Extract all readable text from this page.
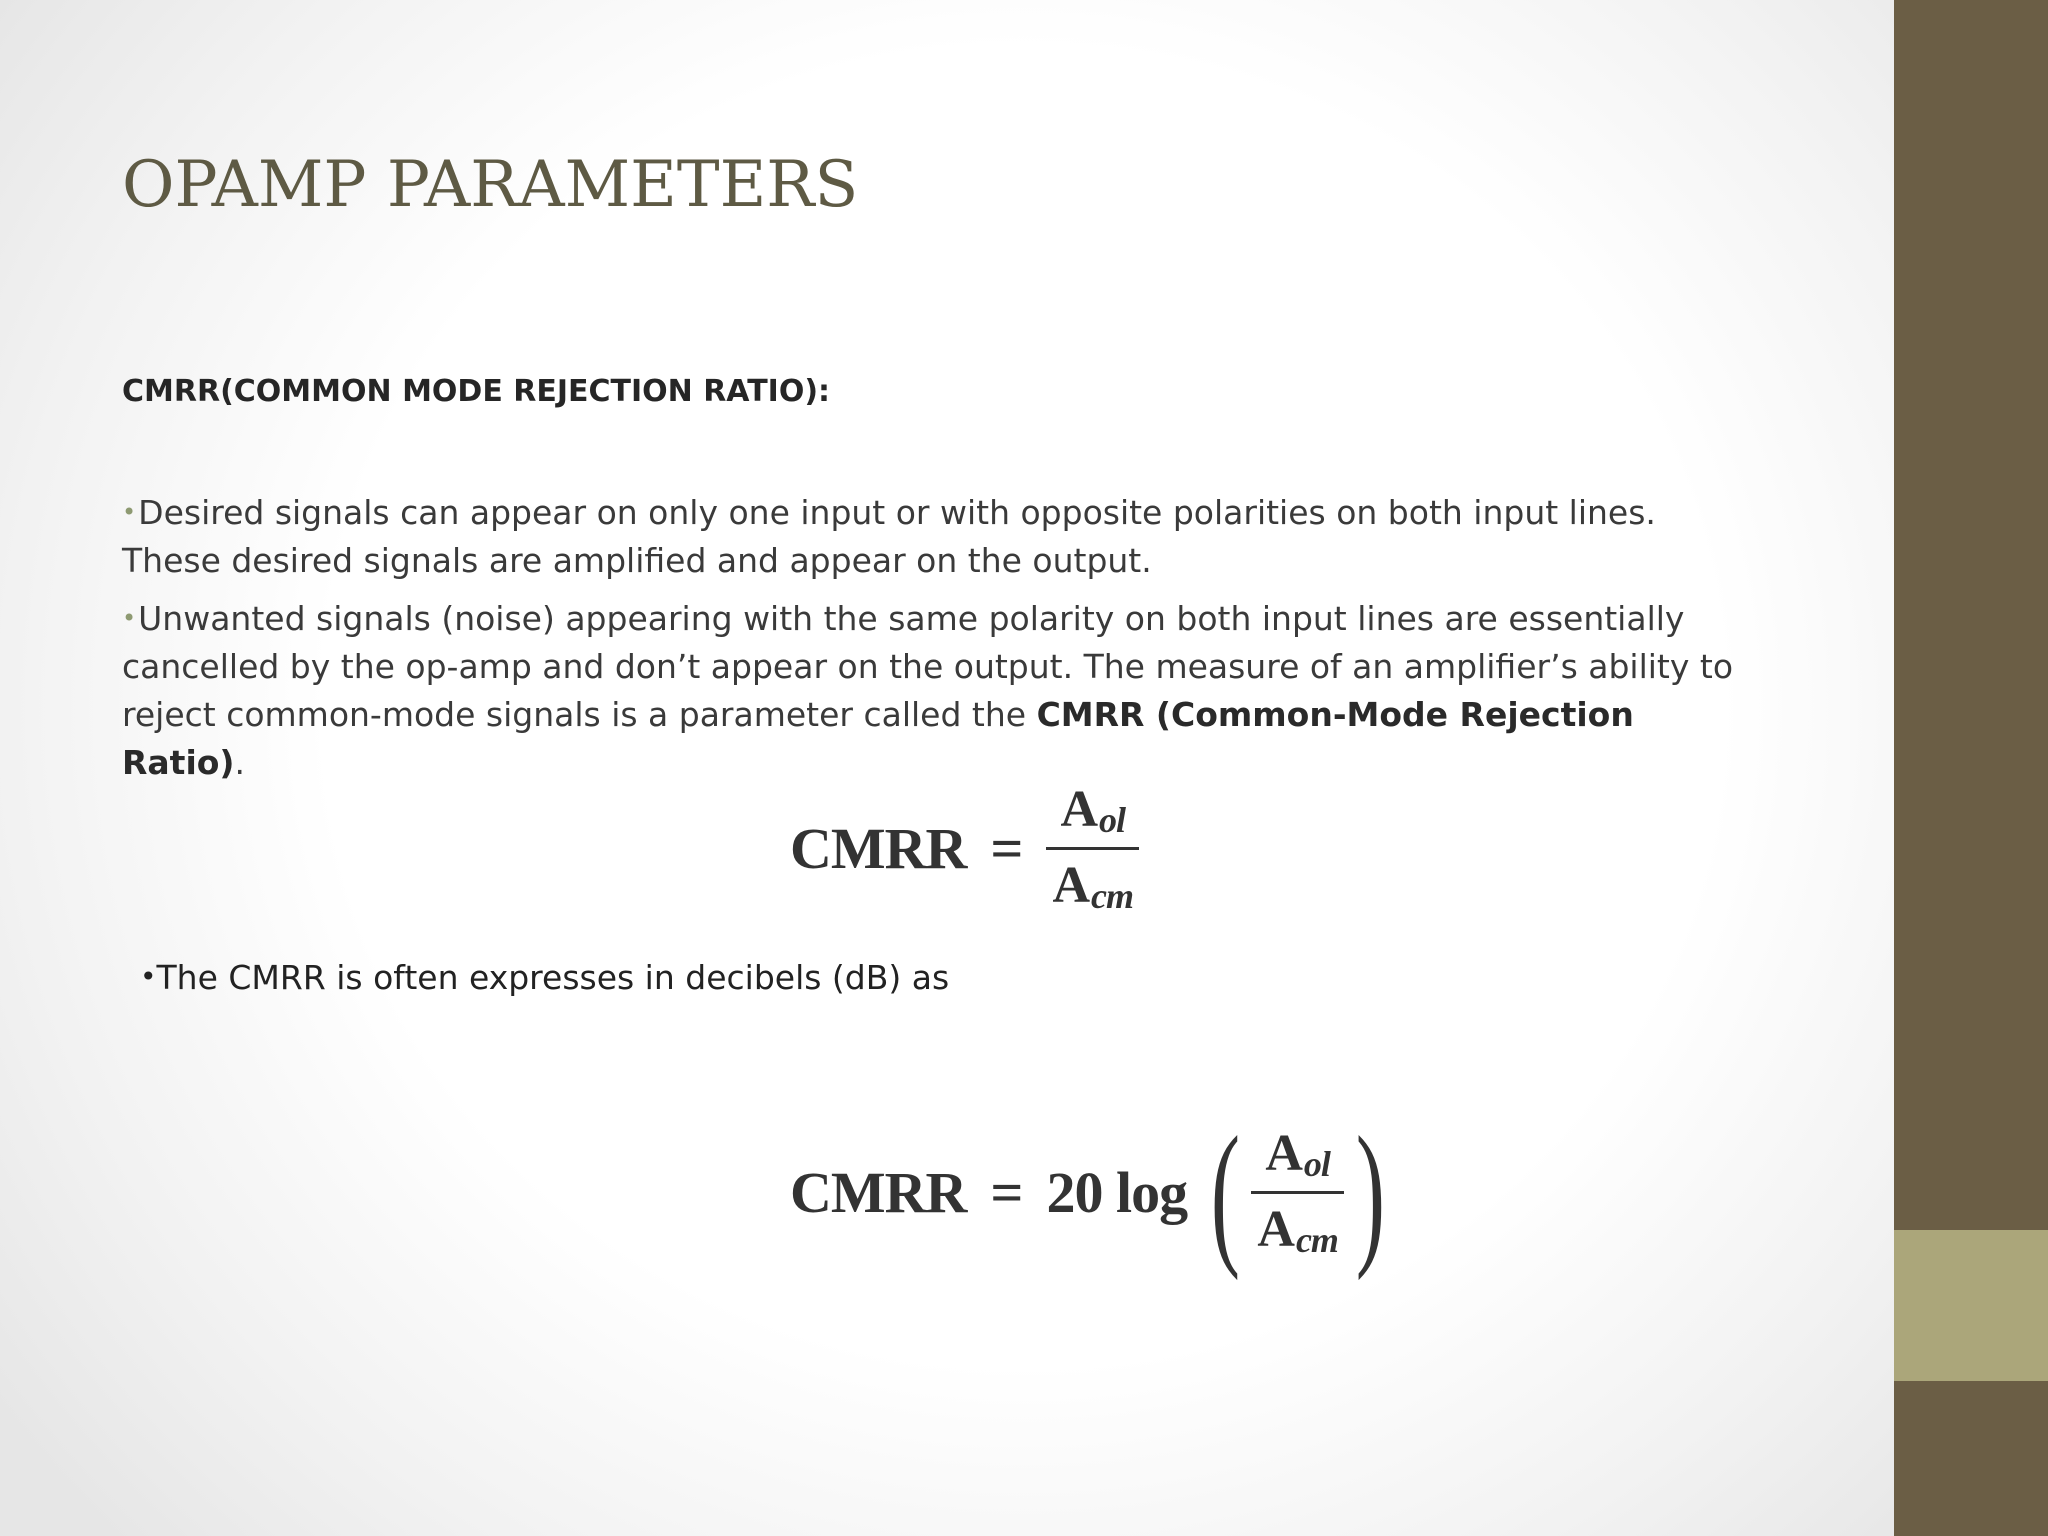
OPAMP PARAMETERS
CMRR(COMMON MODE REJECTION RATIO):

•Desired signals can appear on only one input or with opposite polarities on both input lines. These desired signals are amplified and appear on the output.

•Unwanted signals (noise) appearing with the same polarity on both input lines are essentially cancelled by the op-amp and don’t appear on the output. The measure of an amplifier’s ability to reject common-mode signals is a parameter called the CMRR (Common-Mode Rejection Ratio).

CMRR = $\frac{\text{Aol}}{\text{Acm}}$
•The CMRR is often expresses in decibels (dB) as
CMRR = 20 log ( $\frac{\text{Aol}}{\text{Acm}}$ )
